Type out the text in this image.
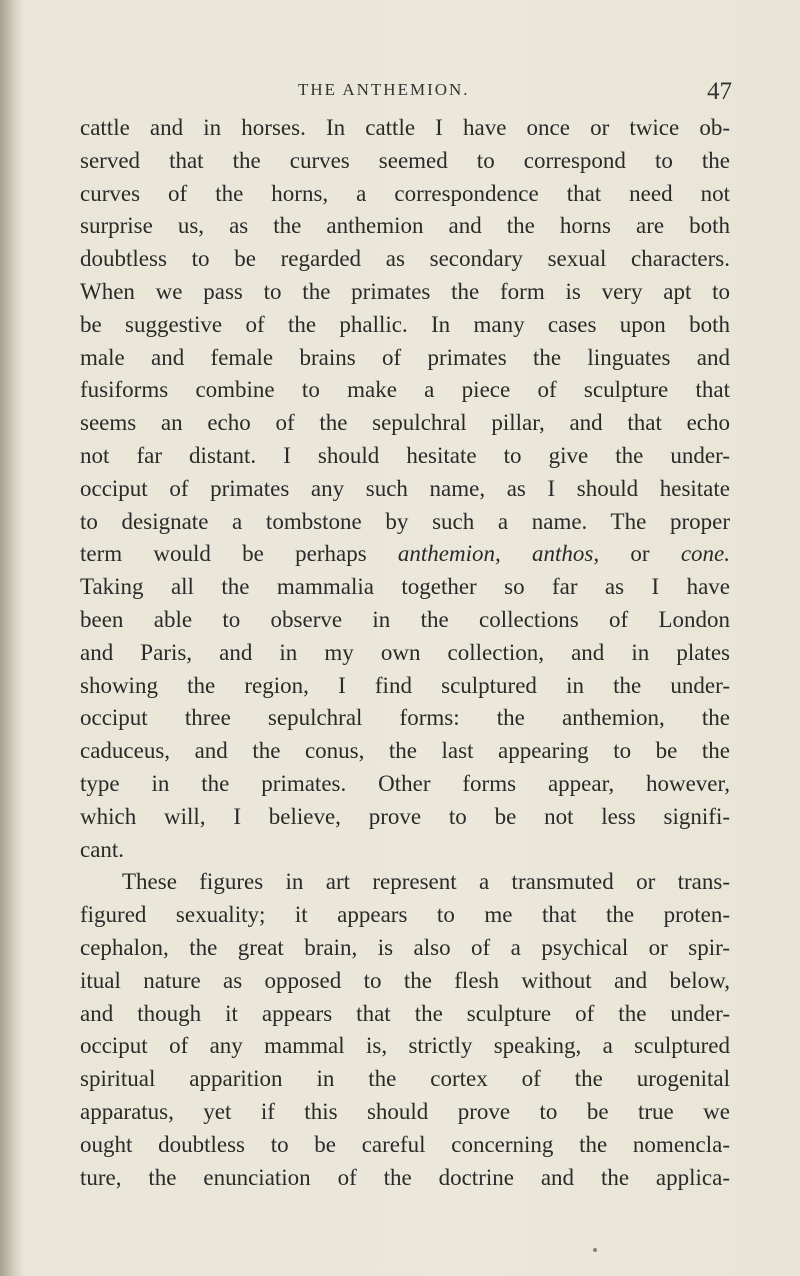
THE ANTHEMION.	47
cattle and in horses. In cattle I have once or twice ob-
served that the curves seemed to correspond to the
curves of the horns, a correspondence that need not
surprise us, as the anthemion and the horns are both
doubtless to be regarded as secondary sexual characters.
When we pass to the primates the form is very apt to
be suggestive of the phallic. In many cases upon both
male and female brains of primates the linguates and
fusiforms combine to make a piece of sculpture that
seems an echo of the sepulchral pillar, and that echo
not far distant. I should hesitate to give the under-
occiput of primates any such name, as I should hesitate
to designate a tombstone by such a name. The proper
term would be perhaps anthemion, anthos, or cone.
Taking all the mammalia together so far as I have
been able to observe in the collections of London
and Paris, and in my own collection, and in plates
showing the region, I find sculptured in the under-
occiput three sepulchral forms: the anthemion, the
caduceus, and the conus, the last appearing to be the
type in the primates. Other forms appear, however,
which will, I believe, prove to be not less signifi-
cant.
These figures in art represent a transmuted or trans-
figured sexuality; it appears to me that the proten-
cephalon, the great brain, is also of a psychical or spir-
itual nature as opposed to the flesh without and below,
and though it appears that the sculpture of the under-
occiput of any mammal is, strictly speaking, a sculptured
spiritual apparition in the cortex of the urogenital
apparatus, yet if this should prove to be true we
ought doubtless to be careful concerning the nomencla-
ture, the enunciation of the doctrine and the applica-
